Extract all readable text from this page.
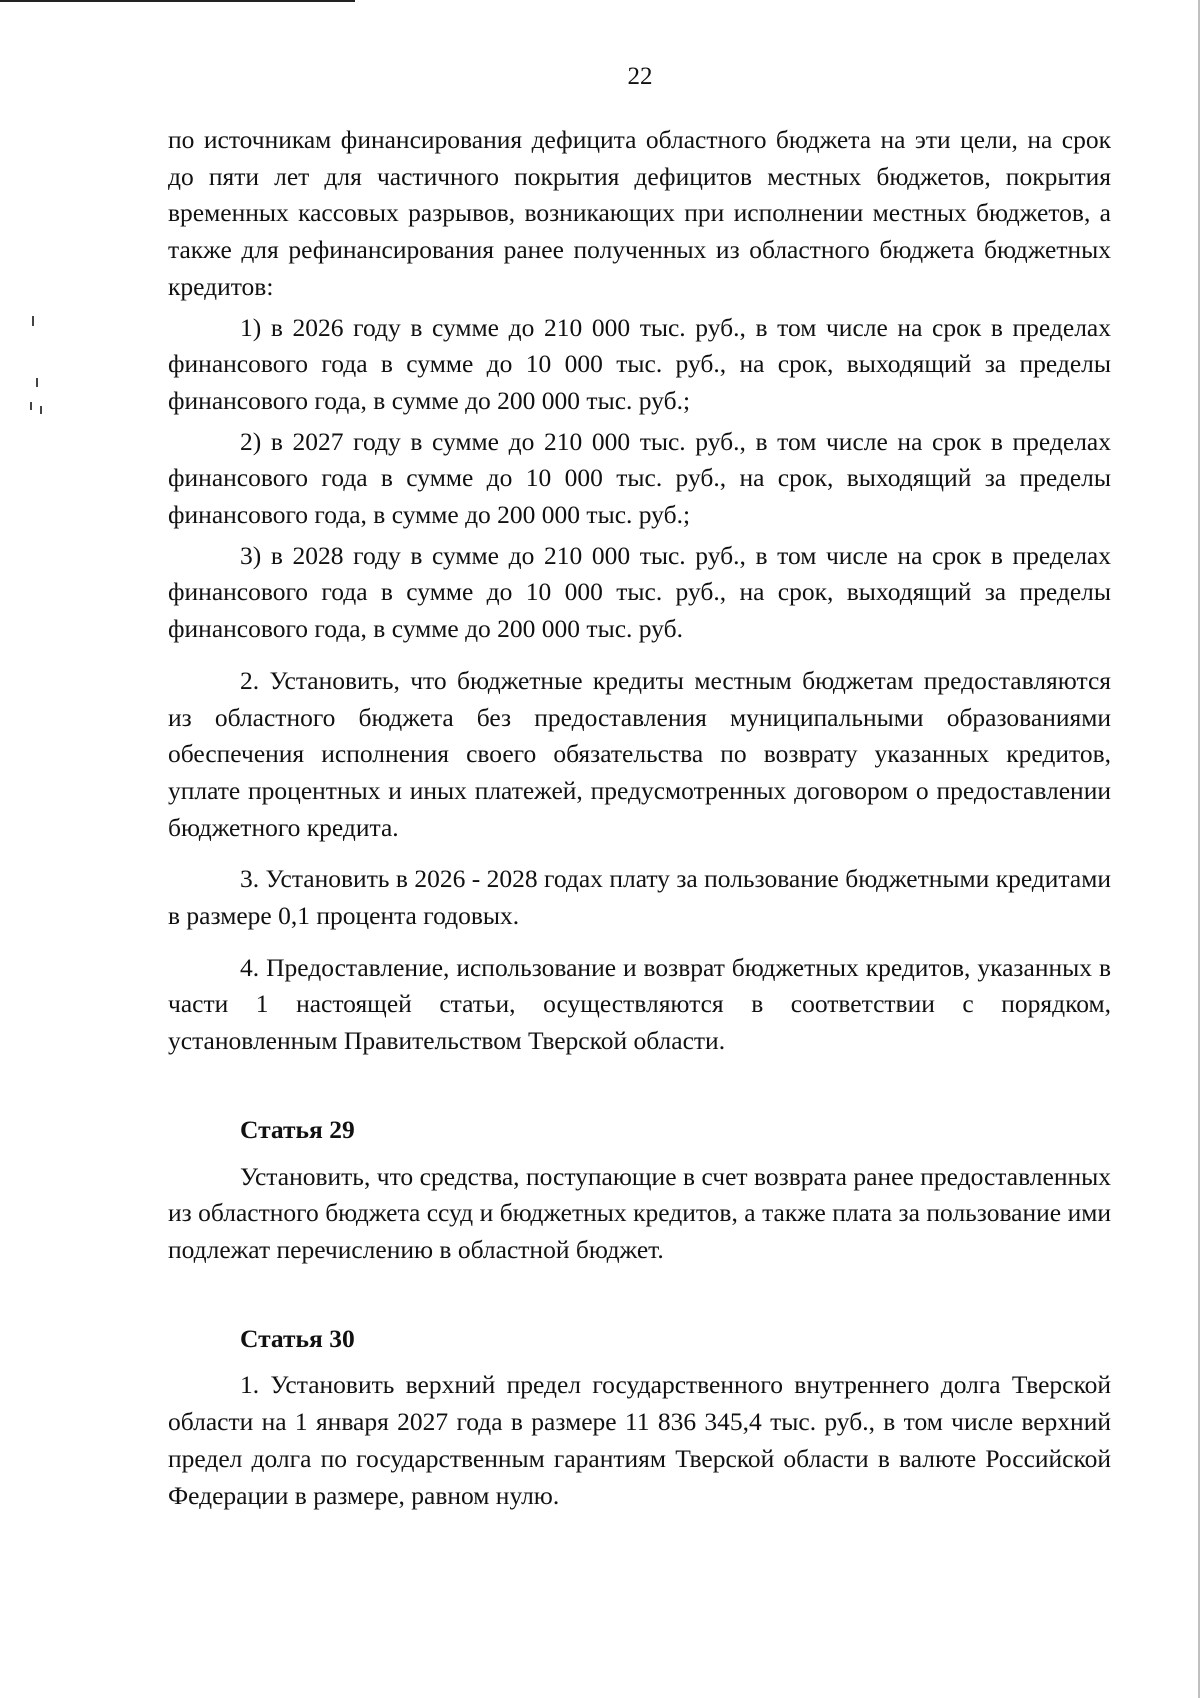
22

по источникам финансирования дефицита областного бюджета на эти цели, на срок до пяти лет для частичного покрытия дефицитов местных бюджетов, покрытия временных кассовых разрывов, возникающих при исполнении местных бюджетов, а также для рефинансирования ранее полученных из областного бюджета бюджетных кредитов:

1) в 2026 году в сумме до 210 000 тыс. руб., в том числе на срок в пределах финансового года в сумме до 10 000 тыс. руб., на срок, выходящий за пределы финансового года, в сумме до 200 000 тыс. руб.;

2) в 2027 году в сумме до 210 000 тыс. руб., в том числе на срок в пределах финансового года в сумме до 10 000 тыс. руб., на срок, выходящий за пределы финансового года, в сумме до 200 000 тыс. руб.;

3) в 2028 году в сумме до 210 000 тыс. руб., в том числе на срок в пределах финансового года в сумме до 10 000 тыс. руб., на срок, выходящий за пределы финансового года, в сумме до 200 000 тыс. руб.

2. Установить, что бюджетные кредиты местным бюджетам предоставляются из областного бюджета без предоставления муниципальными образованиями обеспечения исполнения своего обязательства по возврату указанных кредитов, уплате процентных и иных платежей, предусмотренных договором о предоставлении бюджетного кредита.

3. Установить в 2026 - 2028 годах плату за пользование бюджетными кредитами в размере 0,1 процента годовых.

4. Предоставление, использование и возврат бюджетных кредитов, указанных в части 1 настоящей статьи, осуществляются в соответствии с порядком, установленным Правительством Тверской области.

Статья 29

Установить, что средства, поступающие в счет возврата ранее предоставленных из областного бюджета ссуд и бюджетных кредитов, а также плата за пользование ими подлежат перечислению в областной бюджет.

Статья 30

1. Установить верхний предел государственного внутреннего долга Тверской области на 1 января 2027 года в размере 11 836 345,4 тыс. руб., в том числе верхний предел долга по государственным гарантиям Тверской области в валюте Российской Федерации в размере, равном нулю.
